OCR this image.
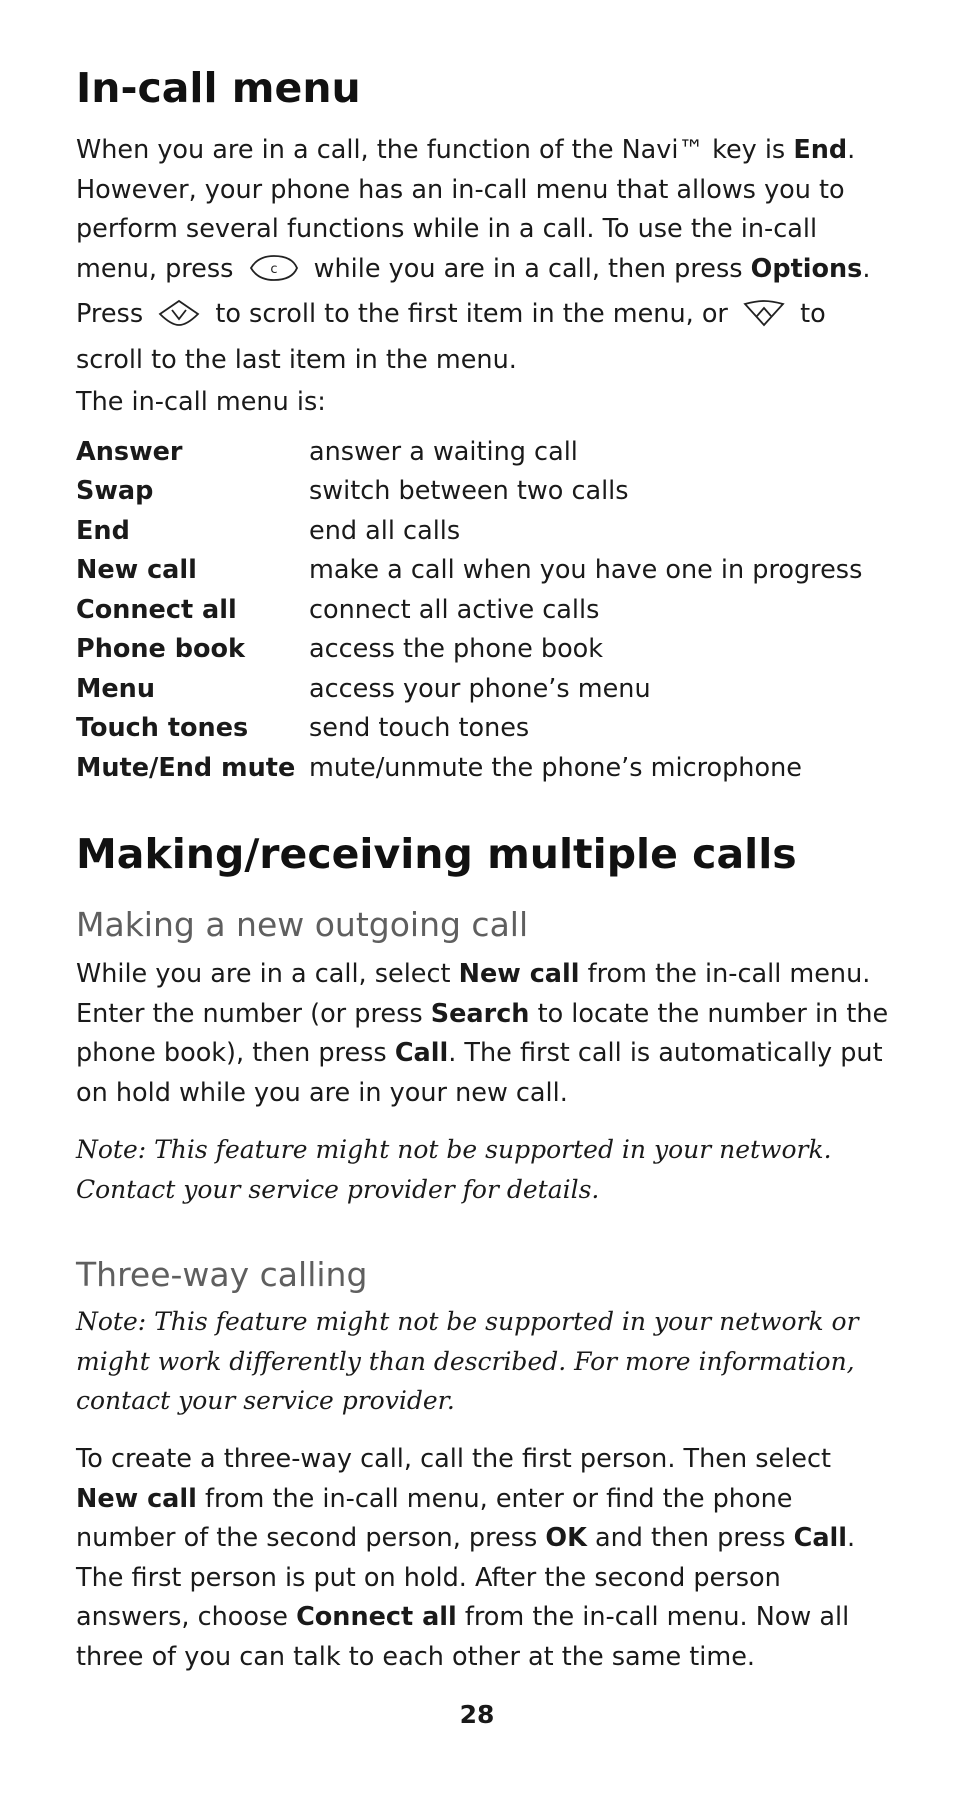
In-call menu

When you are in a call, the function of the Navi™ key is End. However, your phone has an in-call menu that allows you to perform several functions while in a call. To use the in-call menu, press c while you are in a call, then press Options. Press  to scroll to the first item in the menu, or  to scroll to the last item in the menu.

The in-call menu is:

Answer	answer a waiting call
Swap	switch between two calls
End	end all calls
New call	make a call when you have one in progress
Connect all	connect all active calls
Phone book	access the phone book
Menu	access your phone’s menu
Touch tones	send touch tones
Mute/End mute	mute/unmute the phone’s microphone
Making/receiving multiple calls
Making a new outgoing call

While you are in a call, select New call from the in-call menu. Enter the number (or press Search to locate the number in the phone book), then press Call. The first call is automatically put on hold while you are in your new call.

Note: This feature might not be supported in your network. Contact your service provider for details.

Three-way calling

Note: This feature might not be supported in your network or might work differently than described. For more information, contact your service provider.

To create a three-way call, call the first person. Then select New call from the in-call menu, enter or find the phone number of the second person, press OK and then press Call. The first person is put on hold. After the second person answers, choose Connect all from the in-call menu. Now all three of you can talk to each other at the same time.

28
